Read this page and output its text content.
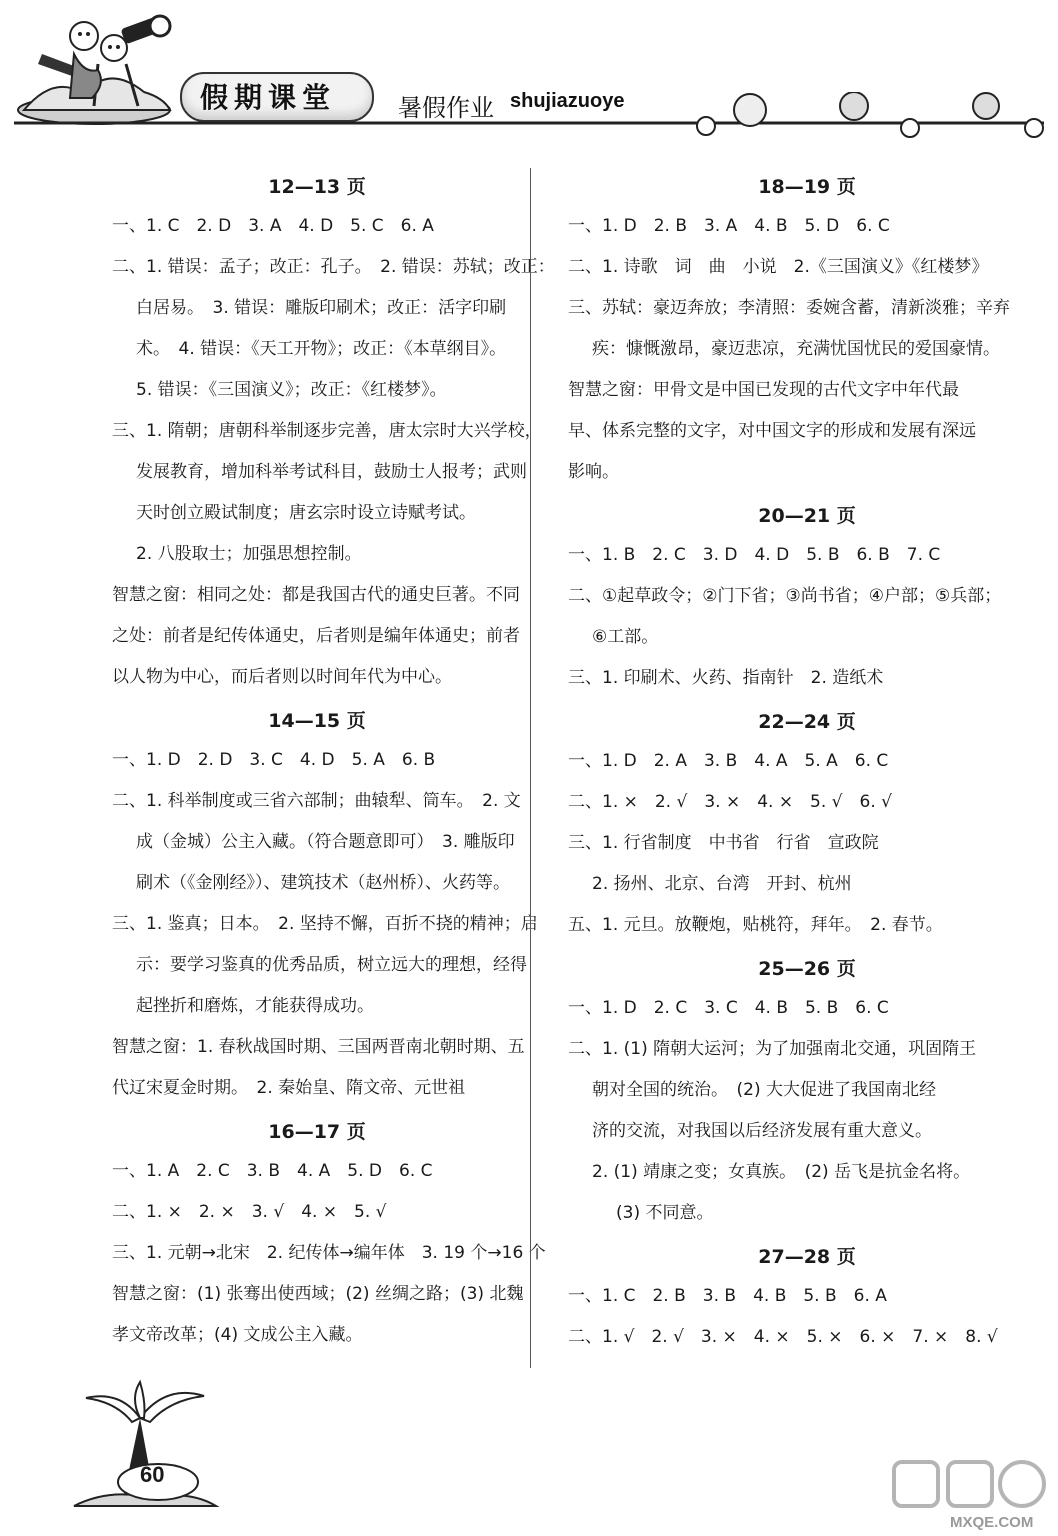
假期课堂	暑假作业 shujiazuoye
12—13 页
一、1. C　2. D　3. A　4. D　5. C　6. A
二、1. 错误：孟子；改正：孔子。　2. 错误：苏轼；改正：
白居易。　3. 错误：雕版印刷术；改正：活字印刷
术。　4. 错误：《天工开物》；改正：《本草纲目》。
5. 错误：《三国演义》；改正：《红楼梦》。
三、1. 隋朝；唐朝科举制逐步完善，唐太宗时大兴学校，
发展教育，增加科举考试科目，鼓励士人报考；武则
天时创立殿试制度；唐玄宗时设立诗赋考试。
2. 八股取士；加强思想控制。
智慧之窗：相同之处：都是我国古代的通史巨著。不同
之处：前者是纪传体通史，后者则是编年体通史；前者
以人物为中心，而后者则以时间年代为中心。
14—15 页
一、1. D　2. D　3. C　4. D　5. A　6. B
二、1. 科举制度或三省六部制；曲辕犁、筒车。　2. 文
成（金城）公主入藏。（符合题意即可）　3. 雕版印
刷术（《金刚经》）、建筑技术（赵州桥）、火药等。
三、1. 鉴真；日本。　2. 坚持不懈，百折不挠的精神；启
示：要学习鉴真的优秀品质，树立远大的理想，经得
起挫折和磨炼，才能获得成功。
智慧之窗：1. 春秋战国时期、三国两晋南北朝时期、五
代辽宋夏金时期。　2. 秦始皇、隋文帝、元世祖
16—17 页
一、1. A　2. C　3. B　4. A　5. D　6. C
二、1. ×　2. ×　3. √　4. ×　5. √
三、1. 元朝→北宋　2. 纪传体→编年体　3. 19 个→16 个
智慧之窗：(1) 张骞出使西域；(2) 丝绸之路；(3) 北魏
孝文帝改革；(4) 文成公主入藏。
18—19 页
一、1. D　2. B　3. A　4. B　5. D　6. C
二、1. 诗歌　词　曲　小说　2.《三国演义》《红楼梦》
三、苏轼：豪迈奔放；李清照：委婉含蓄，清新淡雅；辛弃
疾：慷慨激昂，豪迈悲凉，充满忧国忧民的爱国豪情。
智慧之窗：甲骨文是中国已发现的古代文字中年代最
早、体系完整的文字，对中国文字的形成和发展有深远
影响。
20—21 页
一、1. B　2. C　3. D　4. D　5. B　6. B　7. C
二、①起草政令；②门下省；③尚书省；④户部；⑤兵部；
⑥工部。
三、1. 印刷术、火药、指南针　2. 造纸术
22—24 页
一、1. D　2. A　3. B　4. A　5. A　6. C
二、1. ×　2. √　3. ×　4. ×　5. √　6. √
三、1. 行省制度　中书省　行省　宣政院
2. 扬州、北京、台湾　开封、杭州
五、1. 元旦。放鞭炮，贴桃符，拜年。　2. 春节。
25—26 页
一、1. D　2. C　3. C　4. B　5. B　6. C
二、1. (1) 隋朝大运河；为了加强南北交通，巩固隋王
朝对全国的统治。　(2) 大大促进了我国南北经
济的交流，对我国以后经济发展有重大意义。
2. (1) 靖康之变；女真族。　(2) 岳飞是抗金名将。
(3) 不同意。
27—28 页
一、1. C　2. B　3. B　4. B　5. B　6. A
二、1. √　2. √　3. ×　4. ×　5. ×　6. ×　7. ×　8. √
60
MXQE.COM
